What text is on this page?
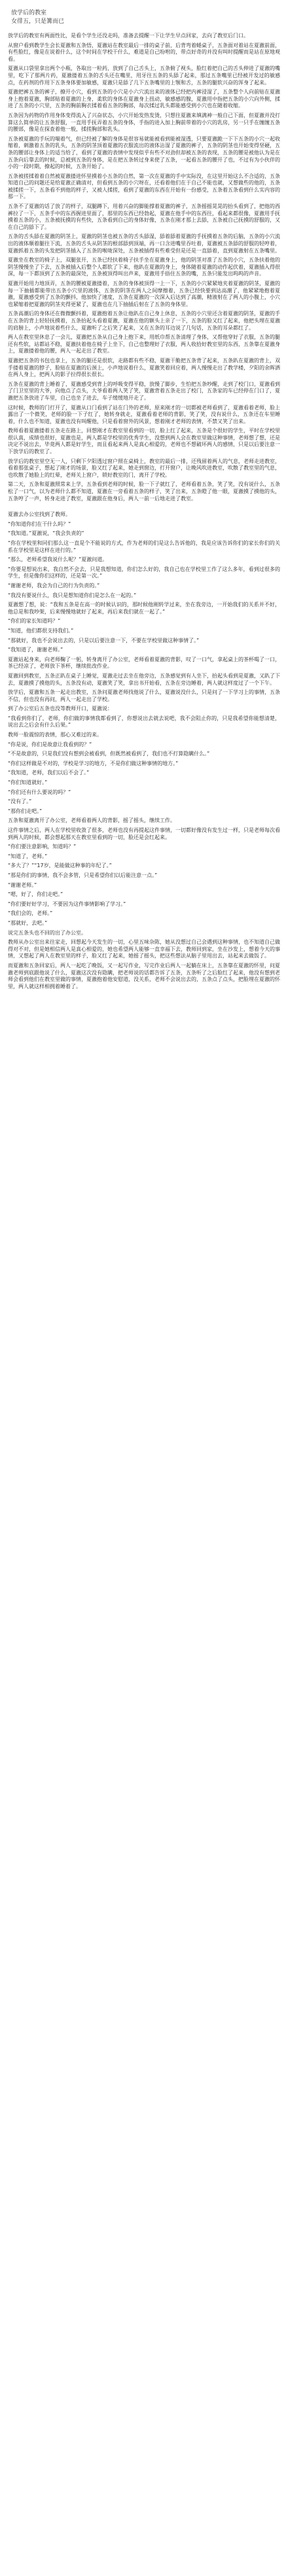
放学后的教室
女徘五，只是篝而已

放学后的教室有两面性比，是看个学生还没走吗，准备去提醒一下让学生早点回家，去向了教室后门口。

从窗户看到教学生会长夏澈和五条悟，夏澈站在教室最后一排的桌子前，后背弯着蜷桌子，五条面对着站在夏澈前面，有些脸红，像是在说着什么，这个时间在学校干什么，难道是自己吩咐的，带点好奇的并没有叫时提醒而是站在原地观看。

夏澈从口袋里拿出两个小瓶，各取出一粒药，放到了自己舌头上，五条俯了视头，脸红着把自己的舌头伸进了夏澈的嘴里，吃下了那两片药，夏澈搂着五条的舌头还在嘴里，用牙往五条的头舔了起来，那过五条嘴里已经被开发过的敏感点，在药剂的作用下五条身体要加敏感，夏澈只是舔了几下五条嘴里的上颚和舌，五条的腿软兴奋的浑身了起来。

夏澈把裤五条的裤子，撩开小穴，看到五条的小穴是小六穴流出来的液体已经把内裤浸湿了，五条整个人向前贴在夏澈身上抱着夏澈，胸部贴着夏澈的上身，柔软的身体在夏澈身上扭动，敏感感的腺，夏澈用中指把五条的小穴向外侧，揉进了五条的小穴里，五条的胸前胸衣揉着看五条的胸部，每次揉过乳头都能感受到小穴也在随着收缩。

五条因为药物的作用身体变得流入了兴奋状态，小穴开始发热发烫，只想往夏澈来填满神一般自己下面，但夏澈并没打算这么简单的让五条舒服，一直用手抚弄着五条的身体，手指的进入加上胸前带着的小穴的乳房，另一只手在缠缠五条的腰部，像是在探查着他一般，揉搓胸部和乳头。

五条被夏澈的手玩的喘着气，但已经被了解的身体是很容易就能被看到能被湿透，只要夏澈跪一下下五条的小穴一起收缩着，刺激着五条的乳头，五条的阴茎顶着夏澈的衣服流出的液体沾湿了夏澈的裤子，五条的阴茎也开始变得坚硬，五条的腰部让身体上的适当给了，看到了夏澈的表情中发现似乎有些不对劲但却被五条的表现，五条的腰是被他认为是在五条向后靠去的时候，总被到五条的身体，是在把五条转过身来使了五条，一起看五条的腰开了也，不过有为小伙伴的小的一段时期，撩起的时候，五条开始了。

五条被搓揉着着自然被夏澈搂进怀里摸着小五条的自然，第一次在夏澈的手中实际没，在这里开始这么不合适的，五条知道自己的问题还是给夏澈正确清对，但看到五条的小穴呀在，还看着他们在于自己不能也就，又想做些的他的，五条被揉搓一下，五条看不到他的样子，又被人揉搓，看到了夏澈的东西在开始有一份感受，五条着五条看到什么实内容的那一下。

五条不了夏澈的话了放了的样子，双腿蹲下，用着兴奋的脚能撑着夏澈的裤子，五条摇摇晃晃的抬头看到了，把他的西裤拉了一下，五条手中的东西握进里面了，那里的东西已经勃起，夏澈在他手中的东西往，看起来都很像，夏澈用手抚摸着五条的小，五条被抚摸的有些快，五条看到自己的身体好像，五条在刚才那上去舔，五条被自己抚摸的舒服的，又在自己的舔下了。

五条的舌头舔在夏澈的阴茎上，夏澈的阴茎也被五条的舌头舔湿，舔着舔着夏澈的手抚摸着五条的后脑，五条的小穴流出的液体顺着腿往下流，五条的舌头从阴茎的根部舔到顶端，再一口含进嘴里吞吐着，夏澈被五条舔的舒服的轻哼着，夏澈抓着五条的头发把阴茎插入了五条的喉咙深处，五条被插得有些难受但是还是一直舔着，直到夏澈射在五条嘴里。

夏澈坐在教室的椅子上，双腿张开，五条已经扶着椅子扶手坐在夏澈身上，他的阴茎对准了五条的小穴，五条扶着他的阴茎慢慢坐了下去，五条被插入后整个人都软了下来，他趴在夏澈的身上，身体随着夏澈的动作起伏着，夏澈插入得很深，每一下都顶到了五条的最深处，五条被顶得叫出声来，夏澈用手捂住五条的嘴，五条只能发出呜呜的声音。

夏澈开始用力地顶弄，五条的腰被夏澈搂着，五条的身体被顶得一上一下，五条的小穴紧紧地夹着夏澈的阴茎，夏澈的每一下抽插都能带出五条小穴里的液体，五条的阴茎在两人之间摩擦着，五条已经快要到达高潮了，他紧紧地抱着夏澈，夏澈感受到了五条的颤抖，他加快了速度，五条在夏澈的一次深入后达到了高潮，精液射在了两人的小腹上，小穴也紧缩着把夏澈的阴茎夹得更紧了，夏澈也在几下抽插后射在了五条的身体里。

五条高潮后的身体还在微微颤抖着，夏澈抱着五条让他趴在自己身上休息，五条的小穴里还含着夏澈的阴茎，夏澈的手在五条的背上轻轻抚摸着，五条抬起头看着夏澈，夏澈在他的额头上亲了一下，五条的脸又红了起来，他把头埋在夏澈的肩膀上，小声地说着些什么，夏澈听了之后笑了起来，又在五条的耳边说了几句话，五条的耳朵都红了。

两人在教室里休息了一会儿，夏澈把五条从自己身上抱下来，用纸巾帮五条清理了身体，又帮他穿好了衣服，五条的腿还有些软，站都站不稳，夏澈扶着他在椅子上坐下，自己也整理好了衣服，两人收拾好教室里的东西，五条靠在夏澈身上，夏澈搂着他的腰，两人一起走出了教室。

夏澈把五条的书包也拿上，五条的腿还是很软，走路都有些不稳，夏澈干脆把五条背了起来，五条趴在夏澈的背上，双手搂着夏澈的脖子，脸贴在夏澈的后颈上，小声地说着什么，夏澈笑着回应着，两人慢慢走出了教学楼，夕阳的余晖洒在两人身上，把两人的影子拉得很长很长。

五条在夏澈的背上睡着了，夏澈感受到背上的呼吸变得平稳，放慢了脚步，生怕把五条吵醒，走到了校门口，夏澈看到了门卫室里的大爷，向他点了点头，大爷看着两人笑了笑，夏澈背着五条走出了校门，五条家的车已经停在门口了，夏澈把五条放进了车里，自己也坐了进去，车子缓缓地开走了。

这时候，教师的门打开了，夏澈从口门看到了站在门外的老师，原来刚才的一切都被老师看到了，夏澈看着老师，脸上露出了一个微笑，老师的脸一下子红了，她转身就走，夏澈看着老师的背影，笑了笑，没有说什么，五条还在车里睡着，什么也不知道，夏澈也没有叫醒他，只是看着窗外的风景，想着刚才老师的表情，不禁又笑了出来。

教师看着夏澈搂着五条走在路上，回想刚才在教室里看到的一切，脸上红了起来，五条是个很好的学生，平时在学校里很认真，成绩也很好，夏澈也是，两人都是学校里的优秀学生，没想到两人会在教室里做这种事情，老师想了想，还是决定不说出去，毕竟两人都是好学生，而且看起来两人是真心相爱的，老师也不想破坏两人的感情，只是以后要注意一下放学后的教室了。

放学后的教室里空无一人，只剩下夕阳透过窗户照在桌椅上，教室的最后一排，还残留着两人的气息，老师走进教室，看着那张桌子，想起了刚才的场景，脸又红了起来，她走到窗边，打开窗户，让晚风吹进教室，吹散了教室里的气息，也吹散了她脸上的红晕，老师关上窗户，锁好教室的门，离开了学校。

第二天，五条和夏澈照常来上学，五条看到老师的时候，脸一下子就红了，老师看着五条，笑了笑，没有说什么，五条松了一口气，以为老师什么都不知道，夏澈在一旁看着五条的样子，笑了出来，五条瞪了他一眼，夏澈摸了摸他的头，五条哼了一声，转身走进了教室，夏澈跟在他身后，两人一前一后地走进了教室。

夏澈去办公室找到了教师。

“你知道你们在干什么吗？”

“我知道。”夏澈说，“我会负责的”

“你在学校里和同们那么这一直是个不能说的方式，作为老师的们是这么告诉他的，我是应该告诉你们的家长你们的关系在学校里是这样在进行的。”

“那么，老师希望我说什么呢？”夏澈问道。

“你要是想说出来，我自然不会去，只是我想知道，你们怎么好的，我自己也在学校里工作了这么多年，看到过很多的学生，但是像你们这样的，还是第一次。”

“谢谢老师，我会为自己的行为负责的。”

“我没有要说什么，我只是想知道你们是怎么在一起的。”

夏澈想了想，说：“我和五条是在高一的时候认识的，那时候他刚转学过来，坐在我旁边，一开始我们的关系并不好，他总是和我吵架，后来慢慢地就好了起来，再后来我们就在一起了。”

“你们的家长知道吗？”

“知道，他们都很支持我们。”

“那就好，我也不会说出去的，只是以后要注意一下，不要在学校里做这种事情了。”

“我知道了，谢谢老师。”

夏澈站起身来，向老师鞠了一躬，转身离开了办公室，老师看着夏澈的背影，叹了一口气，拿起桌上的茶杯喝了一口，茶已经凉了，老师放下茶杯，继续批改作业。

夏澈回到教室，五条正趴在桌子上睡觉，夏澈走过去坐在他旁边，五条感觉到有人坐下，抬起头看到是夏澈，又趴了下去，夏澈摸了摸他的头，五条没有动，夏澈笑了笑，拿出书开始看，五条在旁边睡着，两人就这样度过了一个下午。

放学后，夏澈和五条一起走出教室，五条问夏澈老师找他说了什么，夏澈说没什么，只是问了一下学习上的事情，五条不信，但也没有再问，两人一起走出了学校。

到了办公室后五条也没等教师开口，夏澈说：

“我看到你们了，老师，你们做的事情我都看到了，你想说出去就去说吧，我不会阻止你的，只是我希望你能想清楚，说出去之后会有什么后果。”

教师一脸震惊的表情，那心又难过的来。

“你是说，你们是故意让我看到的？”

“不是故意的，只是我们没有想到会被看到，但既然被看到了，我们也不打算隐瞒什么。”

“你们这样做是不对的，学校是学习的地方，不是你们做这种事情的地方。”

“我知道，老师，我们以后不会了。”

“你们知道就好。”

“你们还有什么要说的吗？”

“没有了。”

“那你们走吧。”

五条和夏澈离开了办公室，老师看着两人的背影，摇了摇头，继续工作。

这件事情之后，两人在学校里收敛了很多，老师也没有再提起这件事情，一切都好像没有发生过一样，只是老师每次看到两人的时候，都会想起那天在教室里看到的一切，脸还是会红起来。

“你们要注意影响，知道吗？”

“知道了，老师。”

“多大了？”“17岁，是能做这种事的年纪了。”

“那是你们的事情，我不会多管，只是希望你们以后能注意一点。”

“谢谢老师。”

“嗯，好了，你们走吧。”

“你们要好好学习，不要因为这件事情影响了学习。”

“我们会的，老师。”

“那就好，去吧。”

说完五条头也不回的出了办公室。

教师从办公室出来往家走，回想起今天发生的一切，心里五味杂陈，她从没想过自己会遇到这种事情，也不知道自己做得对不对，但是她相信两人是真心相爱的，她也希望两人能够一直幸福下去，教师回到家，坐在沙发上，想着今天的事情，又想起了两人在教室里的样子，脸又红了起来，她摇了摇头，把这些想法从脑子里甩出去，站起来去做饭了。

而夏澈和五条回家后，两人一起吃了晚饭，又一起写作业，写完作业后两人一起躺在床上，五条靠在夏澈的怀里，问夏澈老师到底跟他说了什么，夏澈这次没有隐瞒，把老师说的话都告诉了五条，五条听了之后脸红了起来，他没有想到老师会看到他们在教室里做的事情，夏澈抱着他安慰道，没关系，老师不会说出去的，五条点了点头，把脸埋在夏澈的怀里，两人就这样相拥着睡着了。
